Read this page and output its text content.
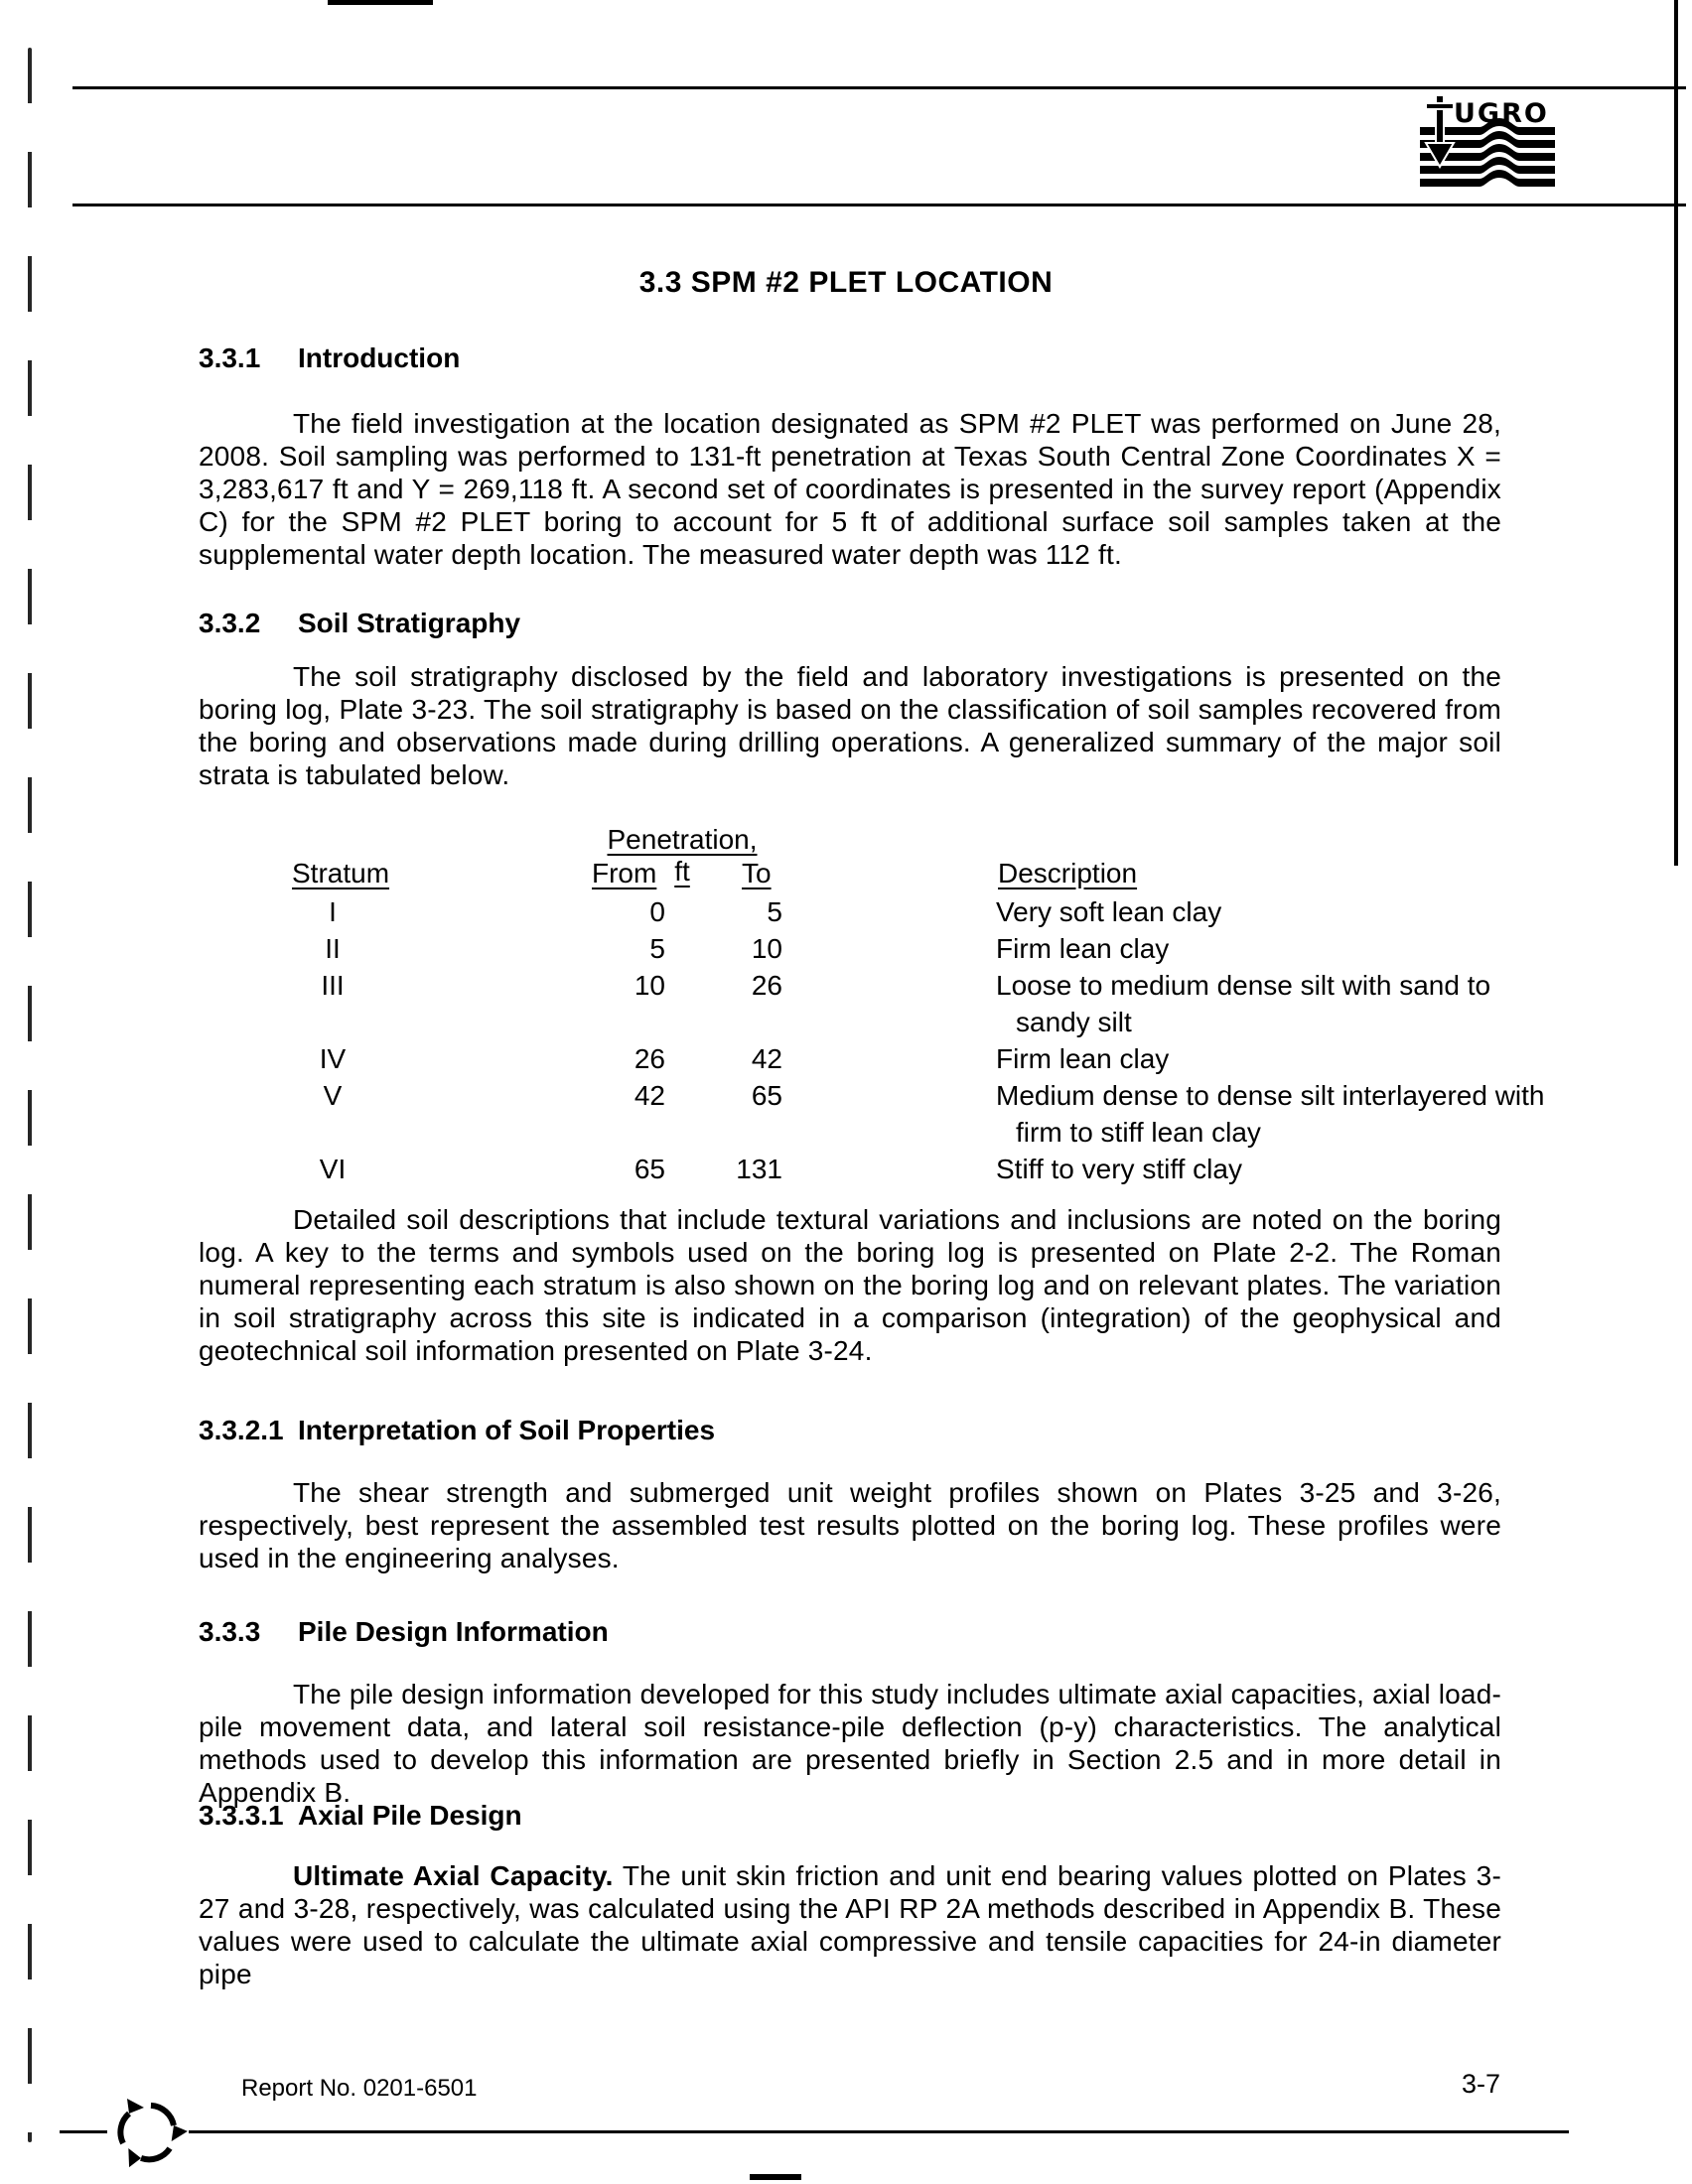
UGRO
3.3 SPM #2 PLET LOCATION
3.3.1	Introduction
The field investigation at the location designated as SPM #2 PLET was performed on June 28, 2008. Soil sampling was performed to 131-ft penetration at Texas South Central Zone Coordinates X = 3,283,617 ft and Y = 269,118 ft. A second set of coordinates is presented in the survey report (Appendix C) for the SPM #2 PLET boring to account for 5 ft of additional surface soil samples taken at the supplemental water depth location. The measured water depth was 112 ft.
3.3.2	Soil Stratigraphy
The soil stratigraphy disclosed by the field and laboratory investigations is presented on the boring log, Plate 3-23. The soil stratigraphy is based on the classification of soil samples recovered from the boring and observations made during drilling operations. A generalized summary of the major soil strata is tabulated below.
Penetration, ft
Stratum	From	To	Description
I	0	5	Very soft lean clay
II	5	10	Firm lean clay
III	10	26	Loose to medium dense silt with sand to sandy silt
IV	26	42	Firm lean clay
V	42	65	Medium dense to dense silt interlayered with firm to stiff lean clay
VI	65	131	Stiff to very stiff clay
Detailed soil descriptions that include textural variations and inclusions are noted on the boring log. A key to the terms and symbols used on the boring log is presented on Plate 2-2. The Roman numeral representing each stratum is also shown on the boring log and on relevant plates. The variation in soil stratigraphy across this site is indicated in a comparison (integration) of the geophysical and geotechnical soil information presented on Plate 3-24.
3.3.2.1 Interpretation of Soil Properties
The shear strength and submerged unit weight profiles shown on Plates 3-25 and 3-26, respectively, best represent the assembled test results plotted on the boring log. These profiles were used in the engineering analyses.
3.3.3	Pile Design Information
The pile design information developed for this study includes ultimate axial capacities, axial load-pile movement data, and lateral soil resistance-pile deflection (p-y) characteristics. The analytical methods used to develop this information are presented briefly in Section 2.5 and in more detail in Appendix B.
3.3.3.1 Axial Pile Design
Ultimate Axial Capacity. The unit skin friction and unit end bearing values plotted on Plates 3-27 and 3-28, respectively, was calculated using the API RP 2A methods described in Appendix B. These values were used to calculate the ultimate axial compressive and tensile capacities for 24-in diameter pipe
Report No. 0201-6501	3-7
